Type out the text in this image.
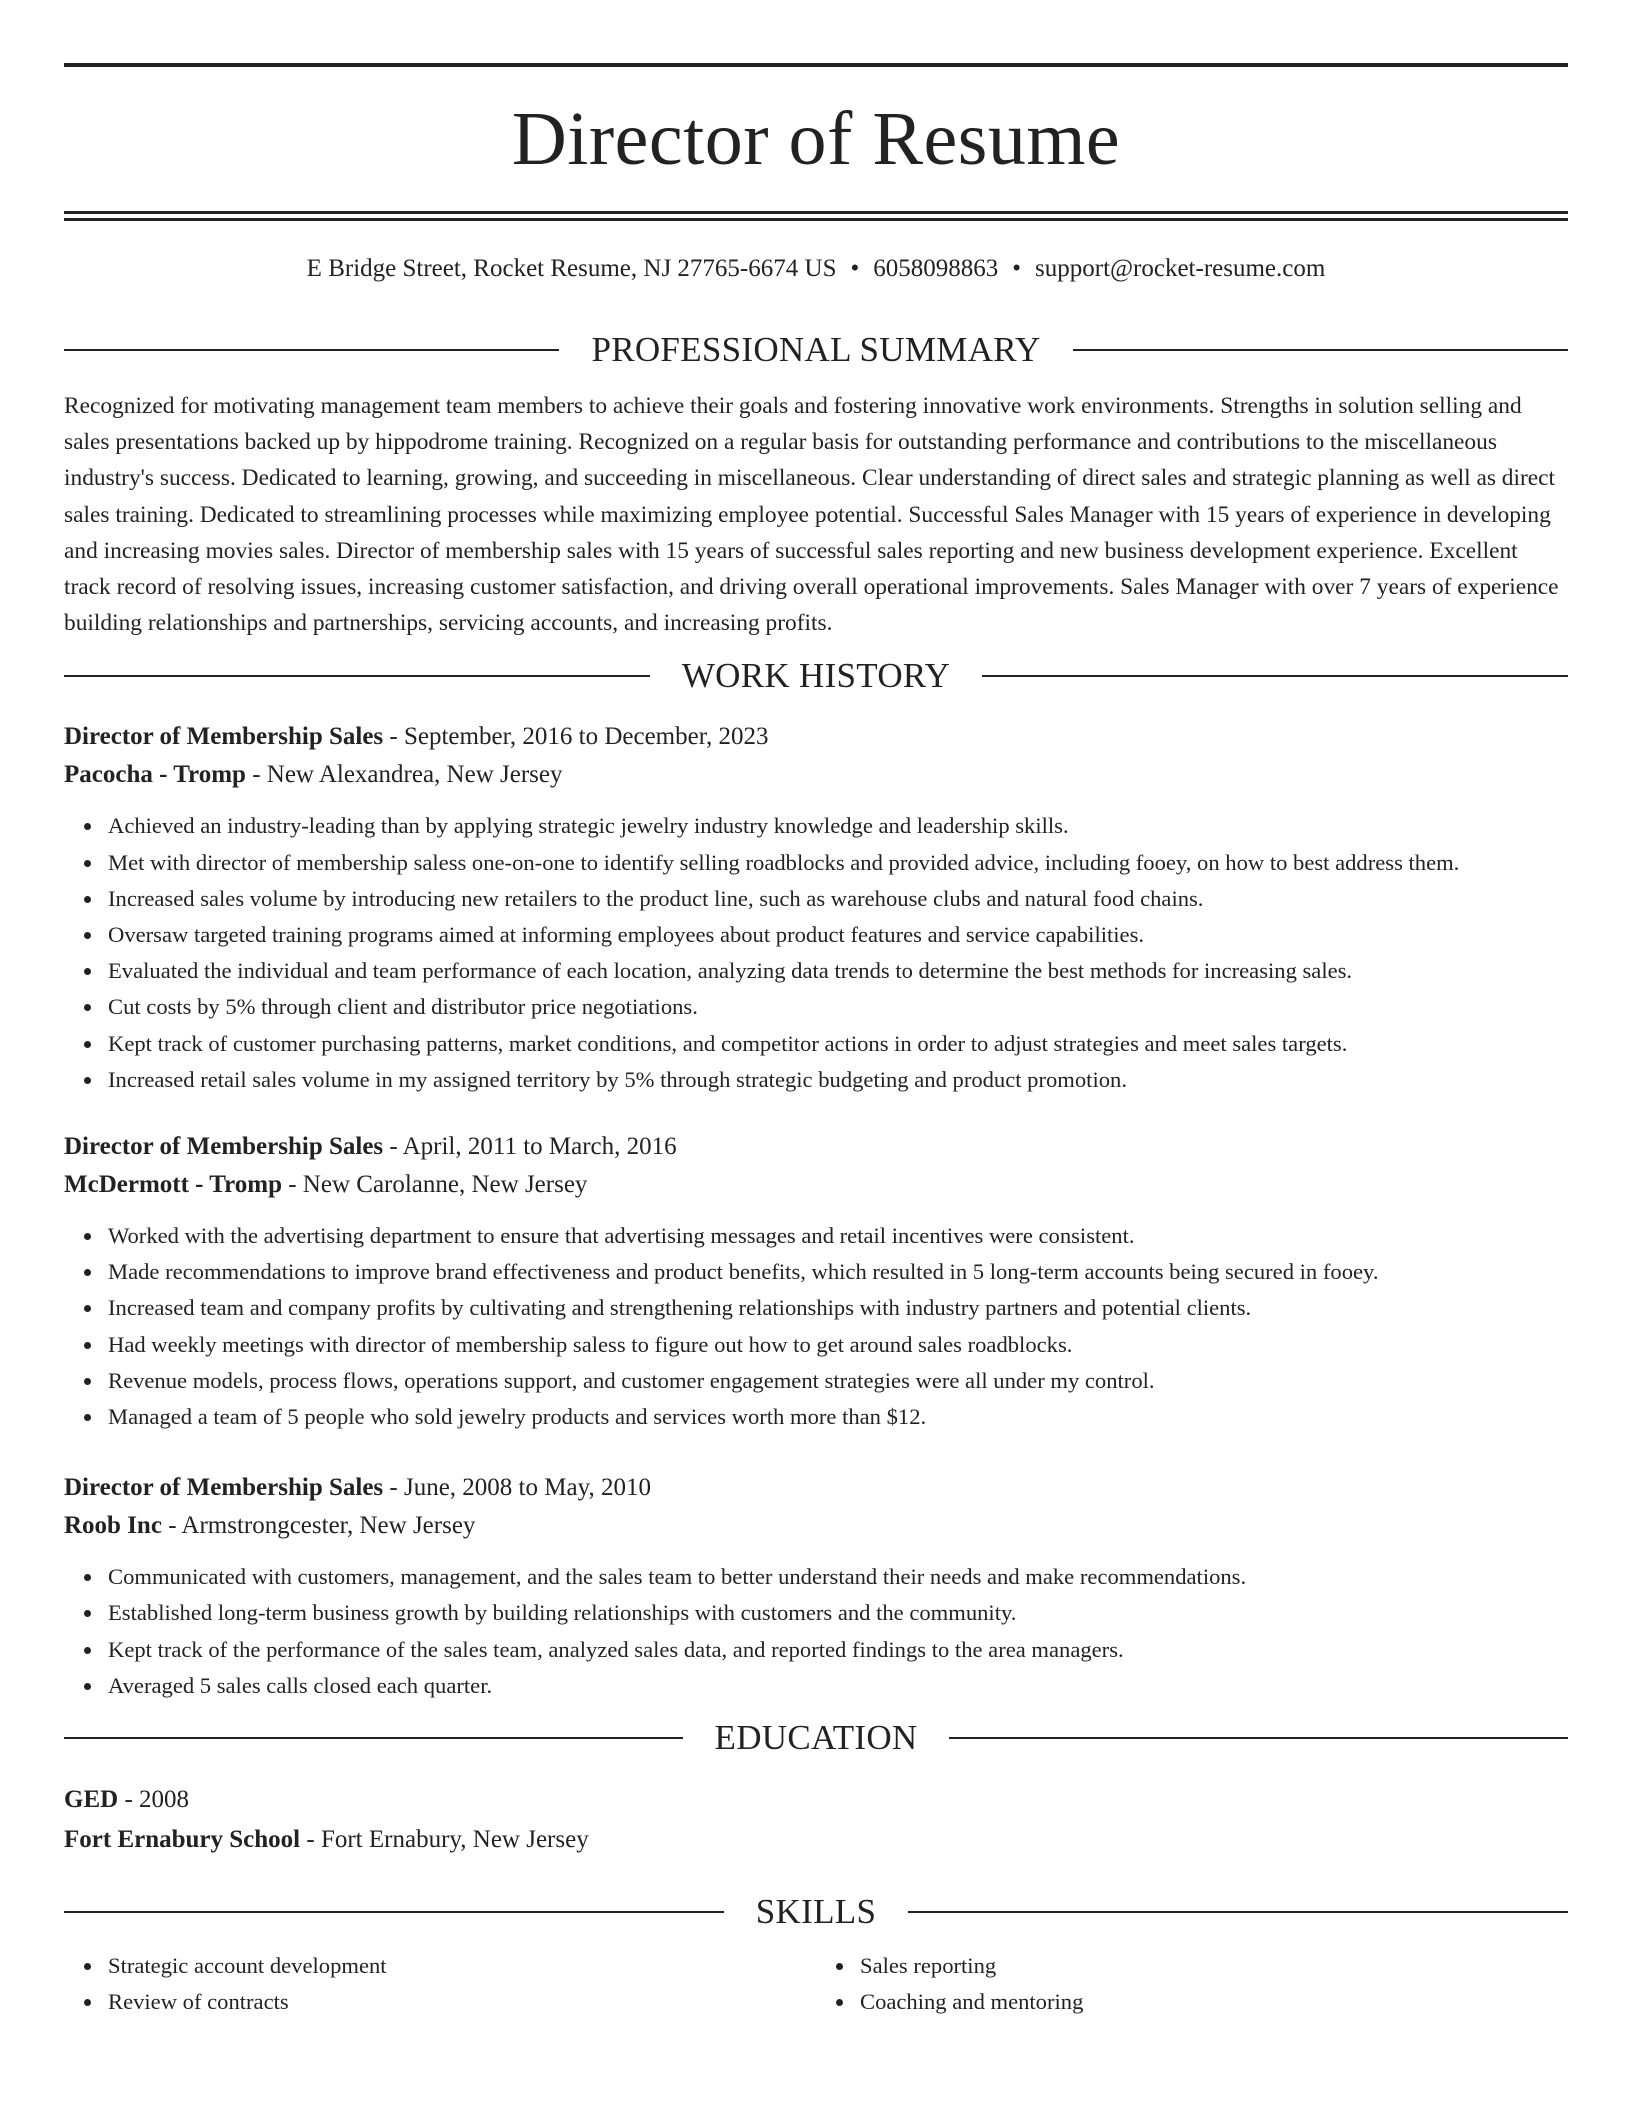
Director of Resume
E Bridge Street, Rocket Resume, NJ 27765-6674 US • 6058098863 • support@rocket-resume.com
PROFESSIONAL SUMMARY

Recognized for motivating management team members to achieve their goals and fostering innovative work environments. Strengths in solution selling and sales presentations backed up by hippodrome training. Recognized on a regular basis for outstanding performance and contributions to the miscellaneous industry's success. Dedicated to learning, growing, and succeeding in miscellaneous. Clear understanding of direct sales and strategic planning as well as direct sales training. Dedicated to streamlining processes while maximizing employee potential. Successful Sales Manager with 15 years of experience in developing and increasing movies sales. Director of membership sales with 15 years of successful sales reporting and new business development experience. Excellent track record of resolving issues, increasing customer satisfaction, and driving overall operational improvements. Sales Manager with over 7 years of experience building relationships and partnerships, servicing accounts, and increasing profits.

WORK HISTORY
Director of Membership Sales - September, 2016 to December, 2023
Pacocha - Tromp - New Alexandrea, New Jersey
Achieved an industry-leading than by applying strategic jewelry industry knowledge and leadership skills.
Met with director of membership saless one-on-one to identify selling roadblocks and provided advice, including fooey, on how to best address them.
Increased sales volume by introducing new retailers to the product line, such as warehouse clubs and natural food chains.
Oversaw targeted training programs aimed at informing employees about product features and service capabilities.
Evaluated the individual and team performance of each location, analyzing data trends to determine the best methods for increasing sales.
Cut costs by 5% through client and distributor price negotiations.
Kept track of customer purchasing patterns, market conditions, and competitor actions in order to adjust strategies and meet sales targets.
Increased retail sales volume in my assigned territory by 5% through strategic budgeting and product promotion.
Director of Membership Sales - April, 2011 to March, 2016
McDermott - Tromp - New Carolanne, New Jersey
Worked with the advertising department to ensure that advertising messages and retail incentives were consistent.
Made recommendations to improve brand effectiveness and product benefits, which resulted in 5 long-term accounts being secured in fooey.
Increased team and company profits by cultivating and strengthening relationships with industry partners and potential clients.
Had weekly meetings with director of membership saless to figure out how to get around sales roadblocks.
Revenue models, process flows, operations support, and customer engagement strategies were all under my control.
Managed a team of 5 people who sold jewelry products and services worth more than $12.
Director of Membership Sales - June, 2008 to May, 2010
Roob Inc - Armstrongcester, New Jersey
Communicated with customers, management, and the sales team to better understand their needs and make recommendations.
Established long-term business growth by building relationships with customers and the community.
Kept track of the performance of the sales team, analyzed sales data, and reported findings to the area managers.
Averaged 5 sales calls closed each quarter.
EDUCATION
GED - 2008
Fort Ernabury School - Fort Ernabury, New Jersey
SKILLS
Strategic account development
Review of contracts
Sales reporting
Coaching and mentoring
